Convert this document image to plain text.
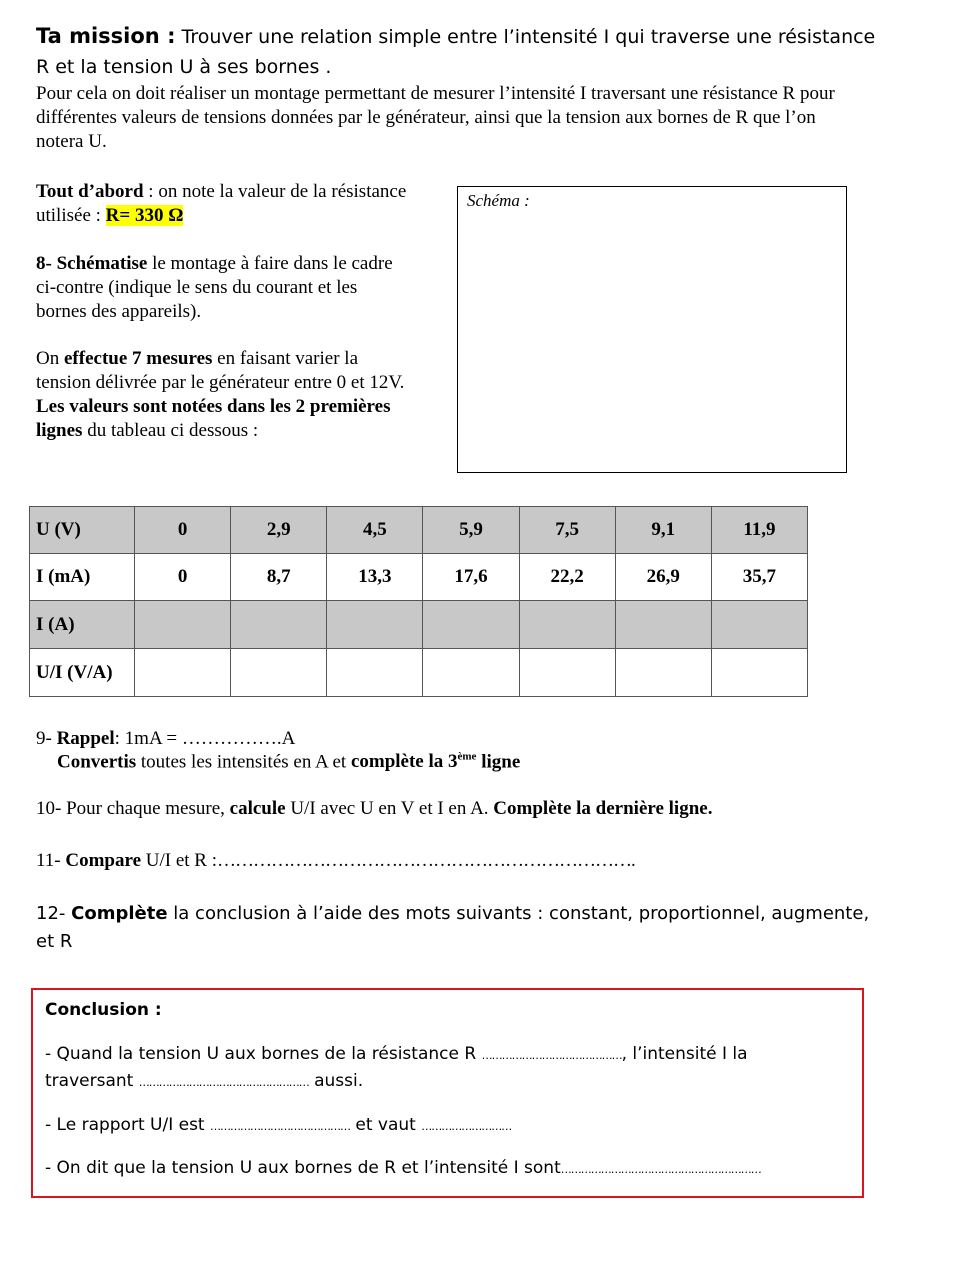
Ta mission : Trouver une relation simple entre l’intensité I qui traverse une résistance
R et la tension U à ses bornes .
Pour cela on doit réaliser un montage permettant de mesurer l’intensité I traversant une résistance R pour
différentes valeurs de tensions données par le générateur, ainsi que la tension aux bornes de R que l’on
notera U.
Tout d’abord : on note la valeur de la résistance
utilisée : R= 330 Ω
8- Schématise le montage à faire dans le cadre
ci-contre (indique le sens du courant et les
bornes des appareils).
On effectue 7 mesures en faisant varier la
tension délivrée par le générateur entre 0 et 12V.
Les valeurs sont notées dans les 2 premières
lignes du tableau ci dessous :
Schéma :
U (V)	0	2,9	4,5	5,9	7,5	9,1	11,9
I (mA)	0	8,7	13,3	17,6	22,2	26,9	35,7
I (A)							
U/I (V/A)							
9- Rappel: 1mA = …………….A
Convertis toutes les intensités en A et complète la 3ème ligne
10- Pour chaque mesure, calcule U/I avec U en V et I en A. Complète la dernière ligne.
11- Compare U/I et R :…………………………………………………………….
12- Complète la conclusion à l’aide des mots suivants : constant, proportionnel, augmente,
et R
Conclusion :
- Quand la tension U aux bornes de la résistance R ……………………………………, l’intensité I la
traversant …………………………………………… aussi.
- Le rapport U/I est …………………………………… et vaut ………………………
- On dit que la tension U aux bornes de R et l’intensité I sont……………………………………………………
